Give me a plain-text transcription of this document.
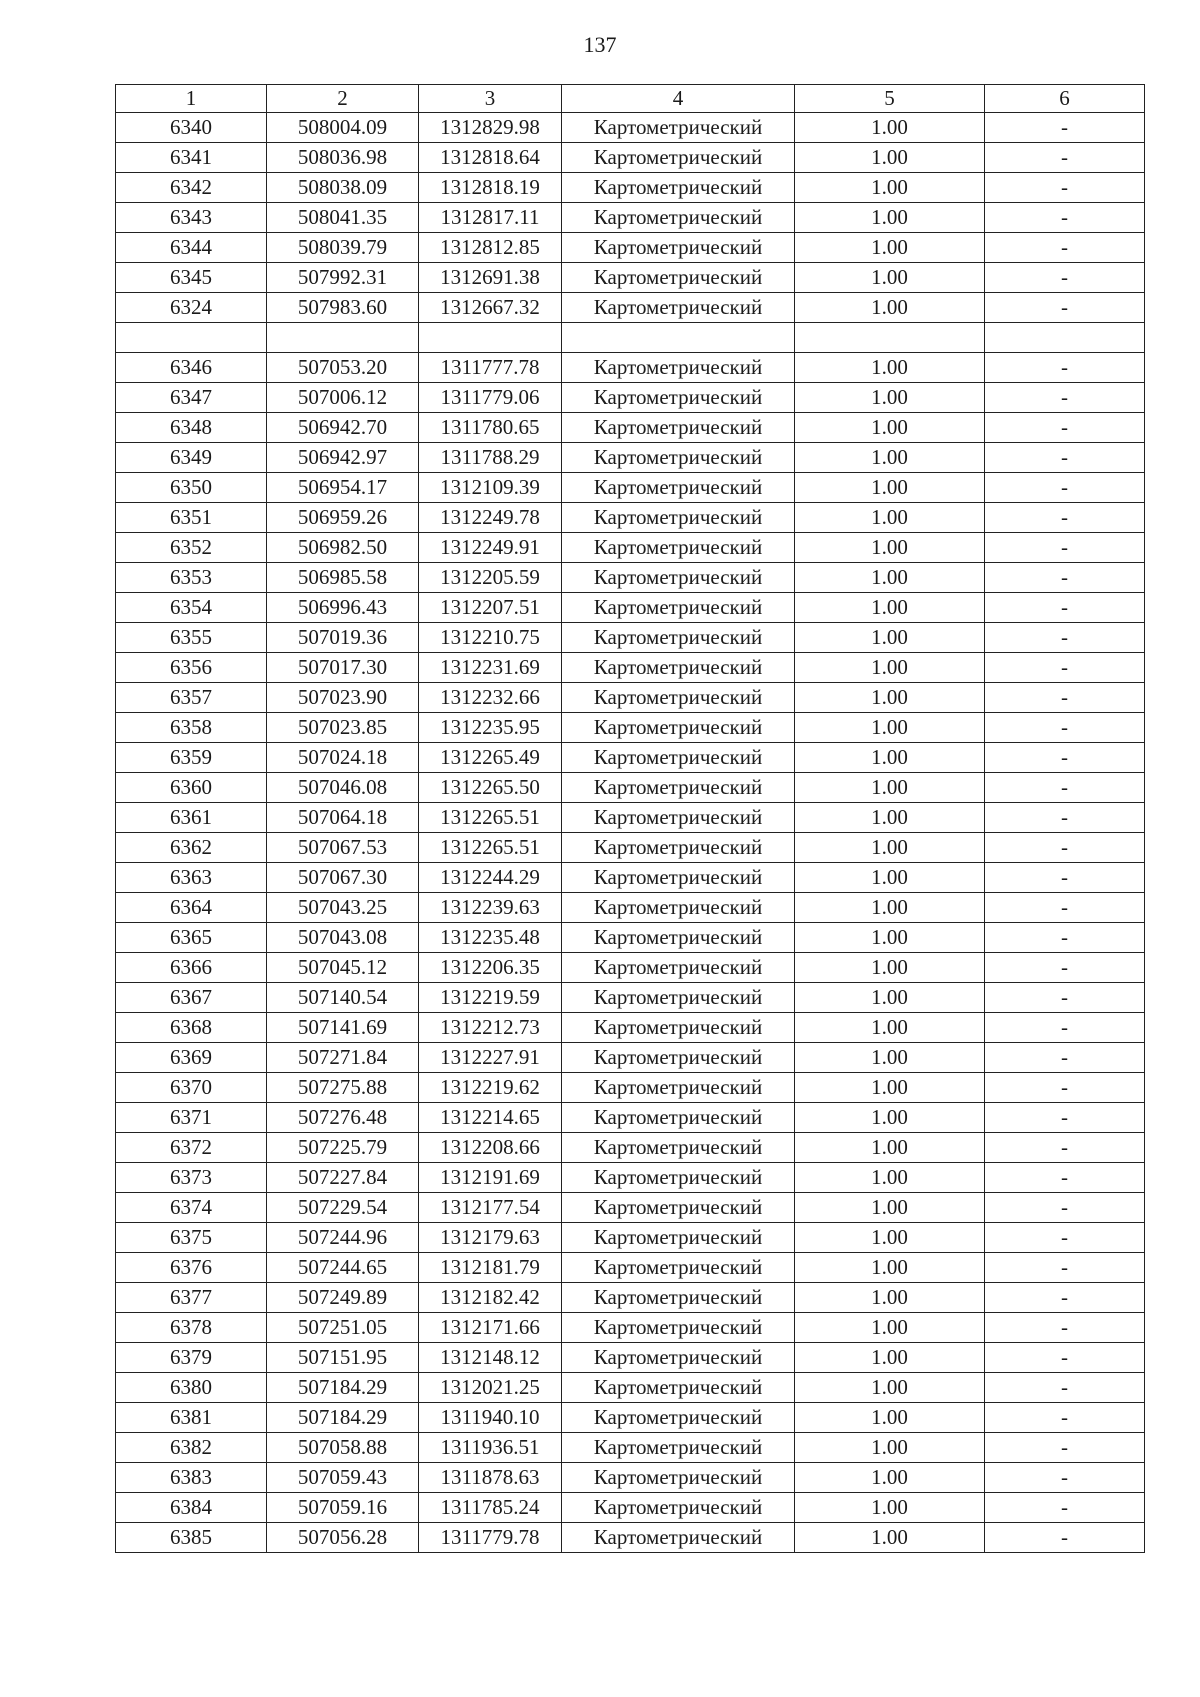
137
1	2	3	4	5	6
6340	508004.09	1312829.98	Картометрический	1.00	-
6341	508036.98	1312818.64	Картометрический	1.00	-
6342	508038.09	1312818.19	Картометрический	1.00	-
6343	508041.35	1312817.11	Картометрический	1.00	-
6344	508039.79	1312812.85	Картометрический	1.00	-
6345	507992.31	1312691.38	Картометрический	1.00	-
6324	507983.60	1312667.32	Картометрический	1.00	-

6346	507053.20	1311777.78	Картометрический	1.00	-
6347	507006.12	1311779.06	Картометрический	1.00	-
6348	506942.70	1311780.65	Картометрический	1.00	-
6349	506942.97	1311788.29	Картометрический	1.00	-
6350	506954.17	1312109.39	Картометрический	1.00	-
6351	506959.26	1312249.78	Картометрический	1.00	-
6352	506982.50	1312249.91	Картометрический	1.00	-
6353	506985.58	1312205.59	Картометрический	1.00	-
6354	506996.43	1312207.51	Картометрический	1.00	-
6355	507019.36	1312210.75	Картометрический	1.00	-
6356	507017.30	1312231.69	Картометрический	1.00	-
6357	507023.90	1312232.66	Картометрический	1.00	-
6358	507023.85	1312235.95	Картометрический	1.00	-
6359	507024.18	1312265.49	Картометрический	1.00	-
6360	507046.08	1312265.50	Картометрический	1.00	-
6361	507064.18	1312265.51	Картометрический	1.00	-
6362	507067.53	1312265.51	Картометрический	1.00	-
6363	507067.30	1312244.29	Картометрический	1.00	-
6364	507043.25	1312239.63	Картометрический	1.00	-
6365	507043.08	1312235.48	Картометрический	1.00	-
6366	507045.12	1312206.35	Картометрический	1.00	-
6367	507140.54	1312219.59	Картометрический	1.00	-
6368	507141.69	1312212.73	Картометрический	1.00	-
6369	507271.84	1312227.91	Картометрический	1.00	-
6370	507275.88	1312219.62	Картометрический	1.00	-
6371	507276.48	1312214.65	Картометрический	1.00	-
6372	507225.79	1312208.66	Картометрический	1.00	-
6373	507227.84	1312191.69	Картометрический	1.00	-
6374	507229.54	1312177.54	Картометрический	1.00	-
6375	507244.96	1312179.63	Картометрический	1.00	-
6376	507244.65	1312181.79	Картометрический	1.00	-
6377	507249.89	1312182.42	Картометрический	1.00	-
6378	507251.05	1312171.66	Картометрический	1.00	-
6379	507151.95	1312148.12	Картометрический	1.00	-
6380	507184.29	1312021.25	Картометрический	1.00	-
6381	507184.29	1311940.10	Картометрический	1.00	-
6382	507058.88	1311936.51	Картометрический	1.00	-
6383	507059.43	1311878.63	Картометрический	1.00	-
6384	507059.16	1311785.24	Картометрический	1.00	-
6385	507056.28	1311779.78	Картометрический	1.00	-
